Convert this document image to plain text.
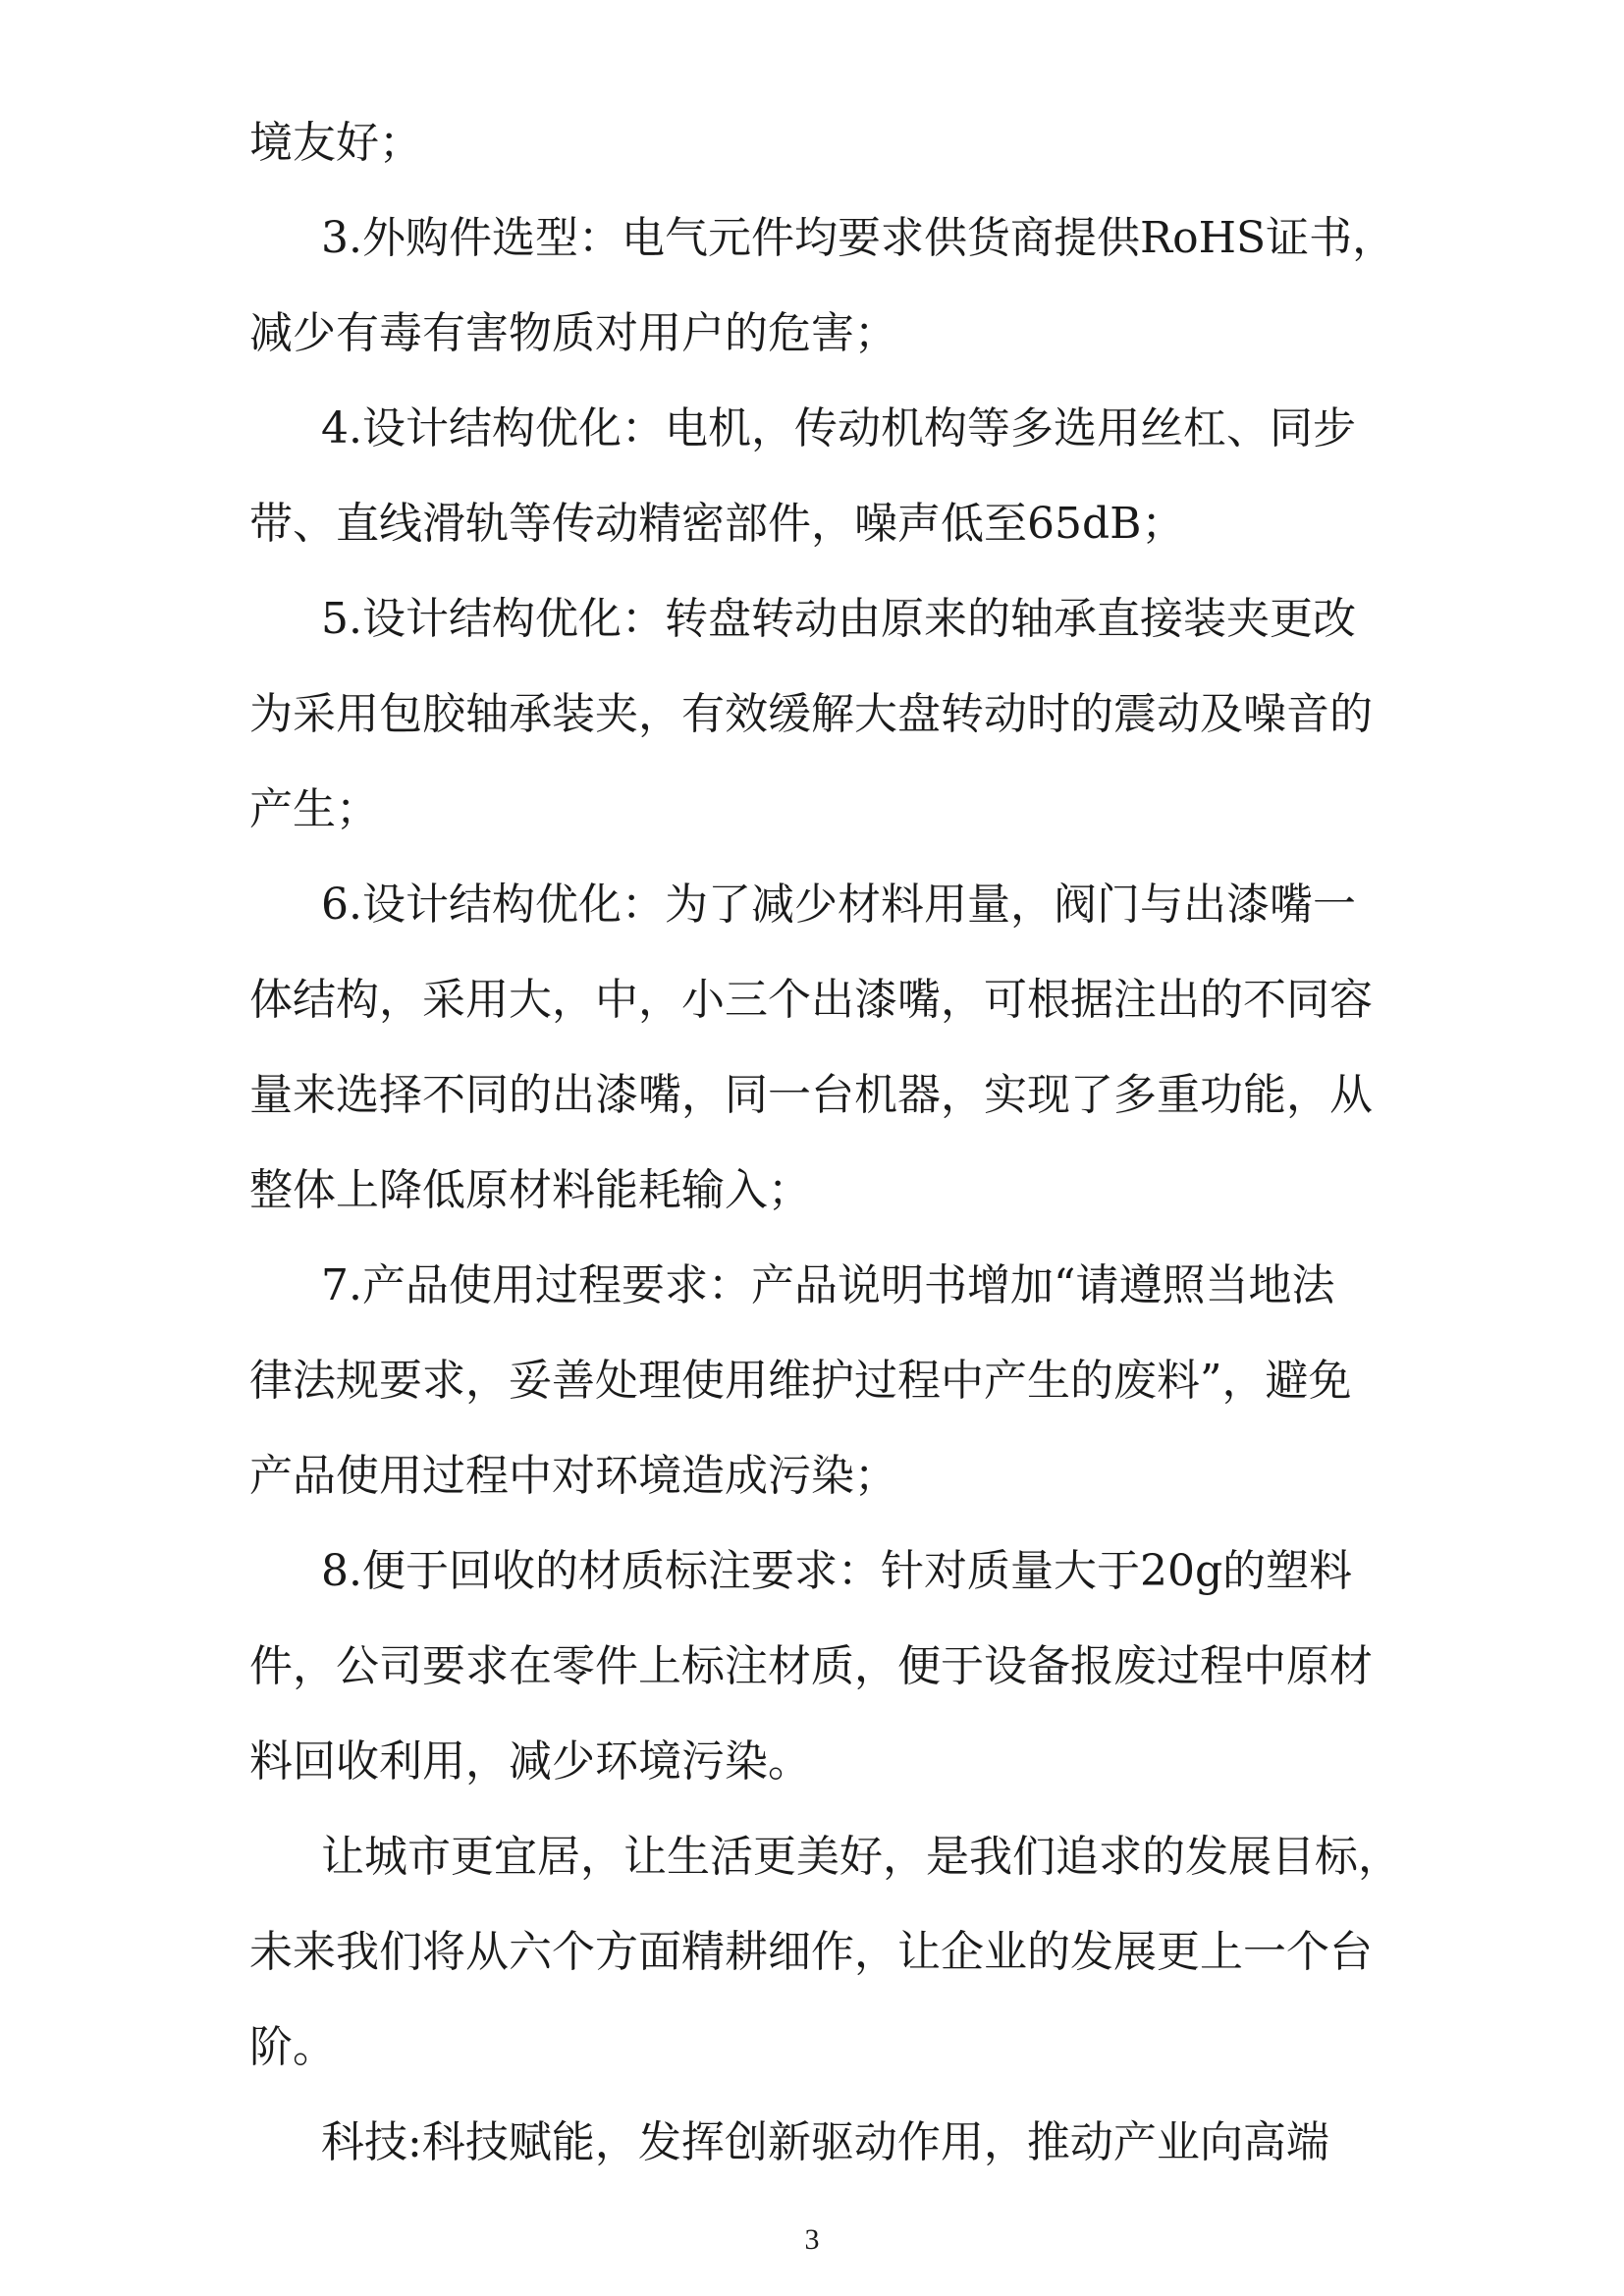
境友好；

3.外购件选型：电气元件均要求供货商提供RoHS证书，

减少有毒有害物质对用户的危害；

4.设计结构优化：电机，传动机构等多选用丝杠、同步

带、直线滑轨等传动精密部件，噪声低至65dB；

5.设计结构优化：转盘转动由原来的轴承直接装夹更改

为采用包胶轴承装夹，有效缓解大盘转动时的震动及噪音的

产生；

6.设计结构优化：为了减少材料用量，阀门与出漆嘴一

体结构，采用大，中，小三个出漆嘴，可根据注出的不同容

量来选择不同的出漆嘴，同一台机器，实现了多重功能，从

整体上降低原材料能耗输入；

7.产品使用过程要求：产品说明书增加“请遵照当地法

律法规要求，妥善处理使用维护过程中产生的废料”，避免

产品使用过程中对环境造成污染；

8.便于回收的材质标注要求：针对质量大于20g的塑料

件，公司要求在零件上标注材质，便于设备报废过程中原材

料回收利用，减少环境污染。

让城市更宜居，让生活更美好，是我们追求的发展目标，

未来我们将从六个方面精耕细作，让企业的发展更上一个台

阶。

科技:科技赋能，发挥创新驱动作用，推动产业向高端

3
